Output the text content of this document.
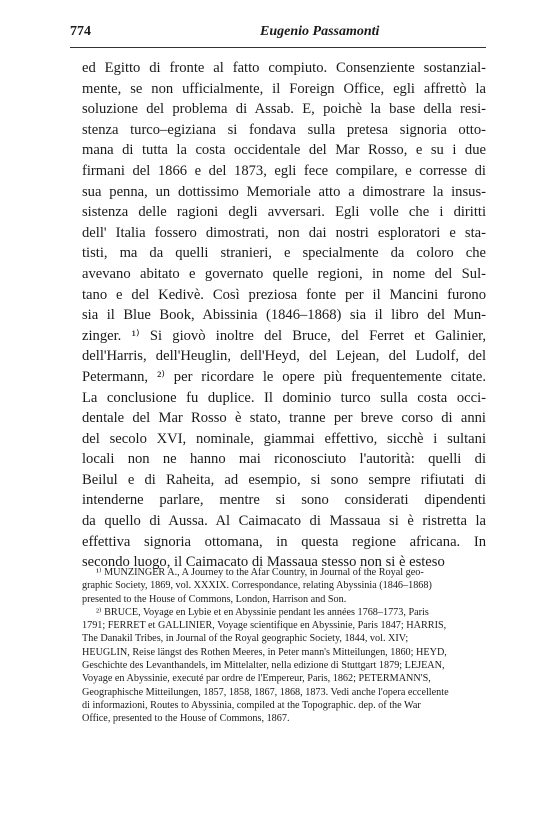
774	Eugenio Passamonti
ed Egitto di fronte al fatto compiuto. Consenziente sostanzial-
mente, se non ufficialmente, il Foreign Office, egli affrettò la
soluzione del problema di Assab. E, poichè la base della resi-
stenza turco–egiziana si fondava sulla pretesa signoria otto-
mana di tutta la costa occidentale del Mar Rosso, e su i due
firmani del 1866 e del 1873, egli fece compilare, e corresse di
sua penna, un dottissimo Memoriale atto a dimostrare la insus-
sistenza delle ragioni degli avversari. Egli volle che i diritti
dell' Italia fossero dimostrati, non dai nostri esploratori e sta-
tisti, ma da quelli stranieri, e specialmente da coloro che
avevano abitato e governato quelle regioni, in nome del Sul-
tano e del Kedivè. Così preziosa fonte per il Mancini furono
sia il Blue Book, Abissinia (1846–1868) sia il libro del Mun-
zinger. ¹⁾ Si giovò inoltre del Bruce, del Ferret et Galinier,
dell'Harris, dell'Heuglin, dell'Heyd, del Lejean, del Ludolf, del
Petermann, ²⁾ per ricordare le opere più frequentemente citate.
La conclusione fu duplice. Il dominio turco sulla costa occi-
dentale del Mar Rosso è stato, tranne per breve corso di anni
del secolo XVI, nominale, giammai effettivo, sicchè i sultani
locali non ne hanno mai riconosciuto l'autorità: quelli di
Beilul e di Raheita, ad esempio, si sono sempre rifiutati di
intenderne parlare, mentre si sono considerati dipendenti
da quello di Aussa. Al Caimacato di Massaua si è ristretta la
effettiva signoria ottomana, in questa regione africana. In
secondo luogo, il Caimacato di Massaua stesso non si è esteso
¹⁾ MUNZINGER A., A Journey to the Afar Country, in Journal of the Royal geo-
graphic Society, 1869, vol. XXXIX. Correspondance, relating Abyssinia (1846–1868)
presented to the House of Commons, London, Harrison and Son.
²⁾ BRUCE, Voyage en Lybie et en Abyssinie pendant les années 1768–1773, Paris
1791; FERRET et GALLINIER, Voyage scientifique en Abyssinie, Paris 1847; HARRIS,
The Danakil Tribes, in Journal of the Royal geographic Society, 1844, vol. XIV;
HEUGLIN, Reise längst des Rothen Meeres, in Peter mann's Mitteilungen, 1860; HEYD,
Geschichte des Levanthandels, im Mittelalter, nella edizione di Stuttgart 1879; LEJEAN,
Voyage en Abyssinie, executé par ordre de l'Empereur, Paris, 1862; PETERMANN'S,
Geographische Mitteilungen, 1857, 1858, 1867, 1868, 1873. Vedi anche l'opera eccellente
di informazioni, Routes to Abyssinia, compiled at the Topographic. dep. of the War
Office, presented to the House of Commons, 1867.
